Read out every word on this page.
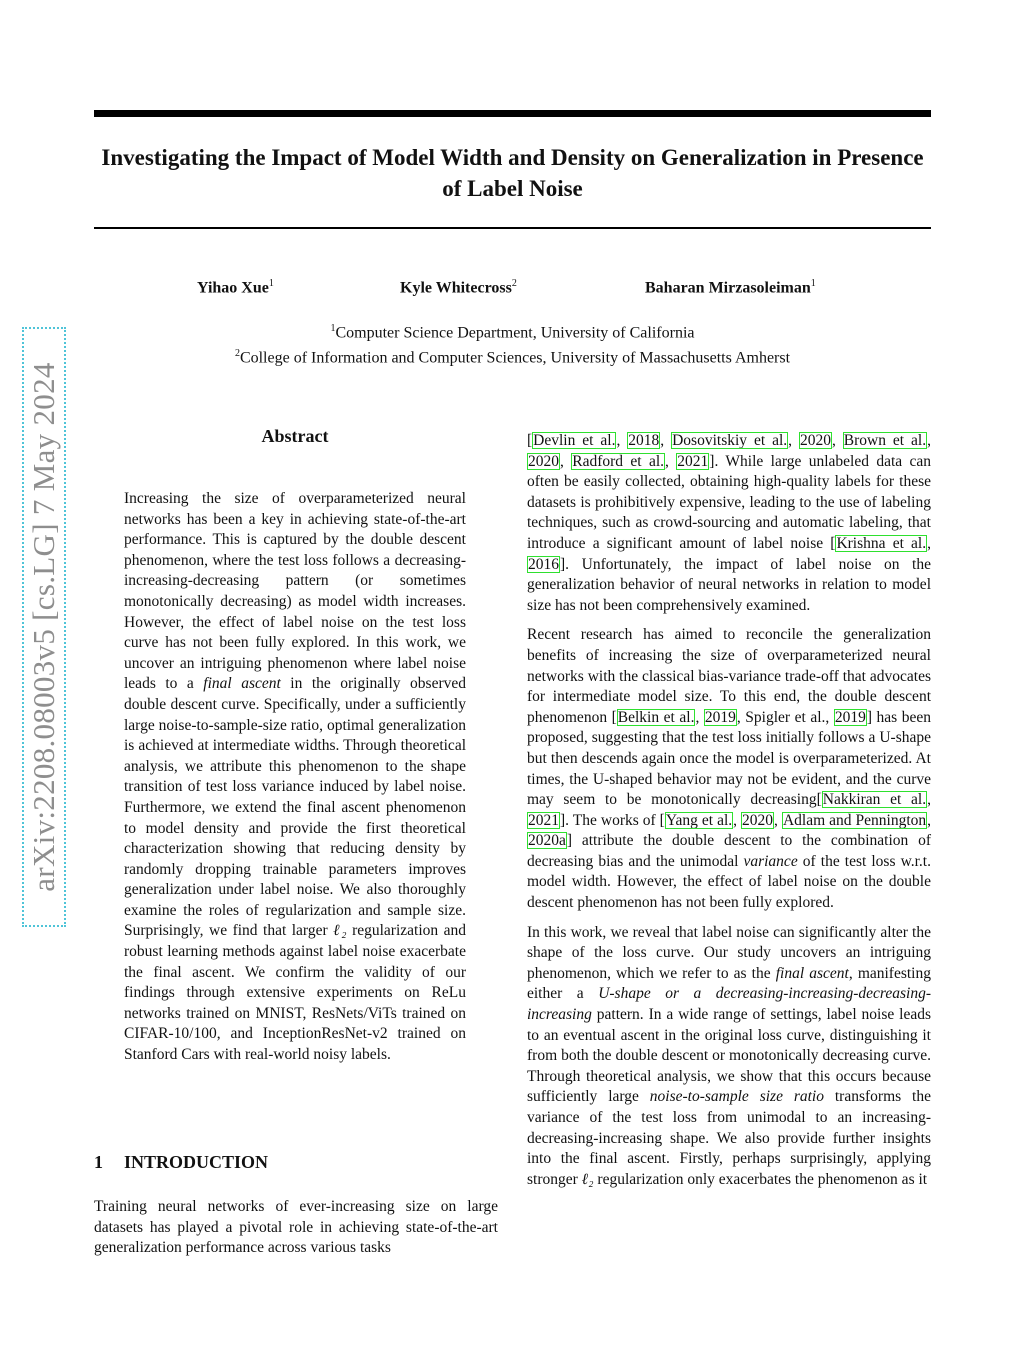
arXiv:2208.08003v5 [cs.LG] 7 May 2024
Investigating the Impact of Model Width and Density on Generalization in Presence of Label Noise
Yihao Xue$^1$	Kyle Whitecross$^2$	Baharan Mirzasoleiman$^1$
$^1$Computer Science Department, University of California
$^2$College of Information and Computer Sciences, University of Massachusetts Amherst
Abstract

Increasing the size of overparameterized neural networks has been a key in achieving state-of-the-art performance. This is captured by the double descent phenomenon, where the test loss follows a decreasing-increasing-decreasing pattern (or sometimes monotonically decreasing) as model width increases. However, the effect of label noise on the test loss curve has not been fully explored. In this work, we uncover an intriguing phenomenon where label noise leads to a final ascent in the originally observed double descent curve. Specifically, under a sufficiently large noise-to-sample-size ratio, optimal generalization is achieved at intermediate widths. Through theoretical analysis, we attribute this phenomenon to the shape transition of test loss variance induced by label noise. Furthermore, we extend the final ascent phenomenon to model density and provide the first theoretical characterization showing that reducing density by randomly dropping trainable parameters improves generalization under label noise. We also thoroughly examine the roles of regularization and sample size. Surprisingly, we find that larger ℓ₂ regularization and robust learning methods against label noise exacerbate the final ascent. We confirm the validity of our findings through extensive experiments on ReLu networks trained on MNIST, ResNets/ViTs trained on CIFAR-10/100, and InceptionResNet-v2 trained on Stanford Cars with real-world noisy labels.

1 INTRODUCTION

Training neural networks of ever-increasing size on large datasets has played a pivotal role in achieving state-of-the-art generalization performance across various tasks

[Devlin et al., 2018, Dosovitskiy et al., 2020, Brown et al., 2020, Radford et al., 2021]. While large unlabeled data can often be easily collected, obtaining high-quality labels for these datasets is prohibitively expensive, leading to the use of labeling techniques, such as crowd-sourcing and automatic labeling, that introduce a significant amount of label noise [Krishna et al., 2016]. Unfortunately, the impact of label noise on the generalization behavior of neural networks in relation to model size has not been comprehensively examined.

Recent research has aimed to reconcile the generalization benefits of increasing the size of overparameterized neural networks with the classical bias-variance trade-off that advocates for intermediate model size. To this end, the double descent phenomenon [Belkin et al., 2019, Spigler et al., 2019] has been proposed, suggesting that the test loss initially follows a U-shape but then descends again once the model is overparameterized. At times, the U-shaped behavior may not be evident, and the curve may seem to be monotonically decreasing[Nakkiran et al., 2021]. The works of [Yang et al., 2020, Adlam and Pennington, 2020a] attribute the double descent to the combination of decreasing bias and the unimodal variance of the test loss w.r.t. model width. However, the effect of label noise on the double descent phenomenon has not been fully explored.

In this work, we reveal that label noise can significantly alter the shape of the loss curve. Our study uncovers an intriguing phenomenon, which we refer to as the final ascent, manifesting either a U-shape or a decreasing-increasing-decreasing-increasing pattern. In a wide range of settings, label noise leads to an eventual ascent in the original loss curve, distinguishing it from both the double descent or monotonically decreasing curve. Through theoretical analysis, we show that this occurs because sufficiently large noise-to-sample size ratio transforms the variance of the test loss from unimodal to an increasing-decreasing-increasing shape. We also provide further insights into the final ascent. Firstly, perhaps surprisingly, applying stronger ℓ₂ regularization only exacerbates the phenomenon as it
